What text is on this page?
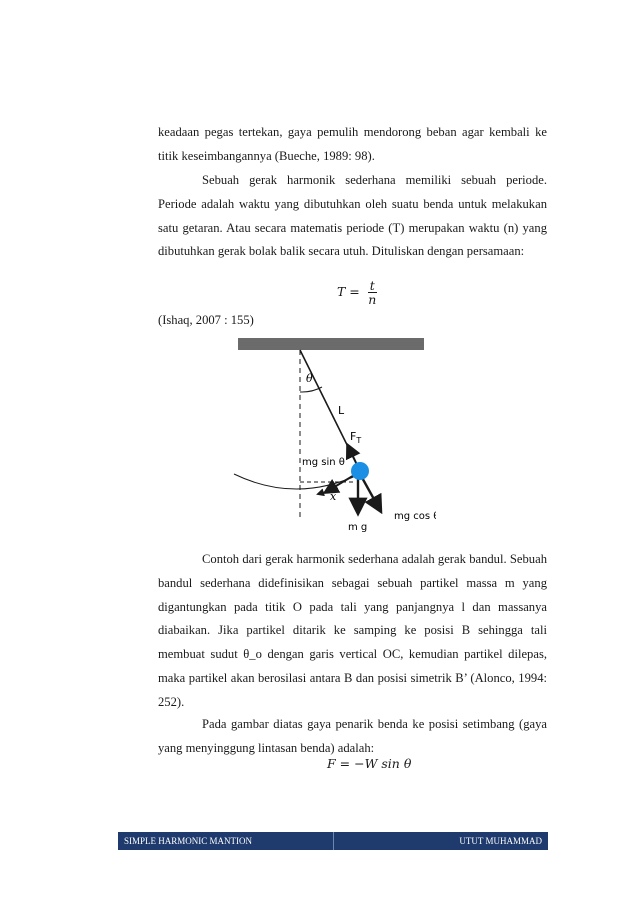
keadaan pegas tertekan, gaya pemulih mendorong beban agar kembali ke titik keseimbangannya (Bueche, 1989: 98).

Sebuah gerak harmonik sederhana memiliki sebuah periode. Periode adalah waktu yang dibutuhkan oleh suatu benda untuk melakukan satu getaran. Atau secara matematis periode (T) merupakan waktu (n) yang dibutuhkan gerak bolak balik secara utuh. Dituliskan dengan persamaan:

$T = \frac{t}{n}$
(Ishaq, 2007 : 155)
θ
L
$F_T$
mg sin θ
x
mg cos θ
m g

Contoh dari gerak harmonik sederhana adalah gerak bandul. Sebuah bandul sederhana didefinisikan sebagai sebuah partikel massa m yang digantungkan pada titik O pada tali yang panjangnya l dan massanya diabaikan. Jika partikel ditarik ke samping ke posisi B sehingga tali membuat sudut θ_o dengan garis vertical OC, kemudian partikel dilepas, maka partikel akan berosilasi antara B dan posisi simetrik B’ (Alonco, 1994: 252).

Pada gambar diatas gaya penarik benda ke posisi setimbang (gaya yang menyinggung lintasan benda) adalah:

F = −W sin θ
SIMPLE HARMONIC MANTION	UTUT MUHAMMAD
